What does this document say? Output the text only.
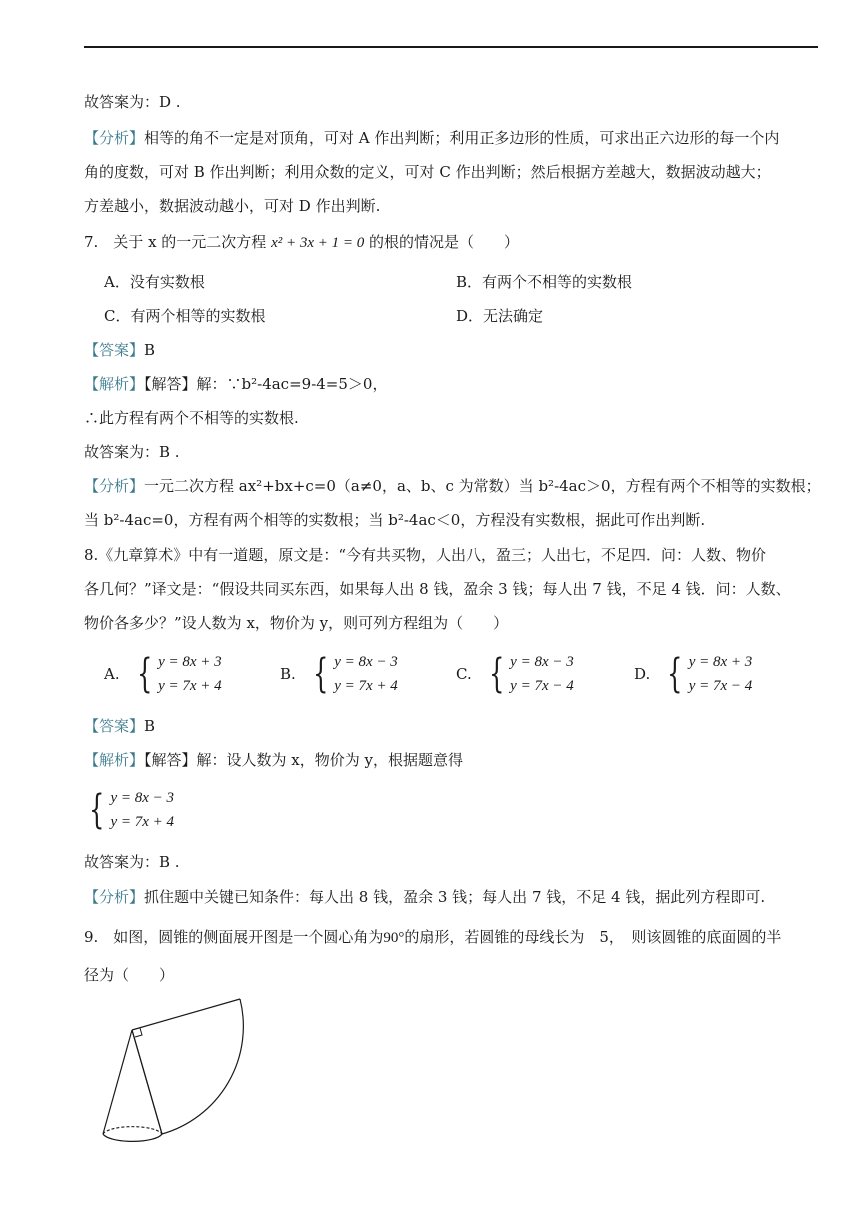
故答案为：D .
【分析】相等的角不一定是对顶角，可对 A 作出判断；利用正多边形的性质，可求出正六边形的每一个内
角的度数，可对 B 作出判断；利用众数的定义，可对 C 作出判断；然后根据方差越大，数据波动越大；
方差越小，数据波动越小，可对 D 作出判断.
7.　关于 x 的一元二次方程 x² + 3x + 1 = 0 的根的情况是（　　）
A．没有实数根	B．有两个不相等的实数根
C．有两个相等的实数根	D．无法确定
【答案】B
【解析】【解答】解：∵b²-4ac=9-4=5＞0，
∴此方程有两个不相等的实数根.
故答案为：B .
【分析】一元二次方程 ax²+bx+c=0（a≠0，a、b、c 为常数）当 b²-4ac＞0，方程有两个不相等的实数根；
当 b²-4ac=0，方程有两个相等的实数根；当 b²-4ac＜0，方程没有实数根，据此可作出判断.
8.《九章算术》中有一道题，原文是：“今有共买物，人出八，盈三；人出七，不足四．问：人数、物价
各几何？”译文是：“假设共同买东西，如果每人出 8 钱，盈余 3 钱；每人出 7 钱，不足 4 钱．问：人数、
物价各多少？”设人数为 x，物价为 y，则可列方程组为（　　）
A. { y = 8x + 3
y = 7x + 4
B. { y = 8x − 3
y = 7x + 4
C. { y = 8x − 3
y = 7x − 4
D. { y = 8x + 3
y = 7x − 4
【答案】B
【解析】【解答】解：设人数为 x，物价为 y，根据题意得
{ y = 8x − 3
y = 7x + 4
故答案为：B .
【分析】抓住题中关键已知条件：每人出 8 钱，盈余 3 钱；每人出 7 钱，不足 4 钱，据此列方程即可.
9.　如图，圆锥的侧面展开图是一个圆心角为90°的扇形，若圆锥的母线长为　5，　则该圆锥的底面圆的半
径为（　　）
